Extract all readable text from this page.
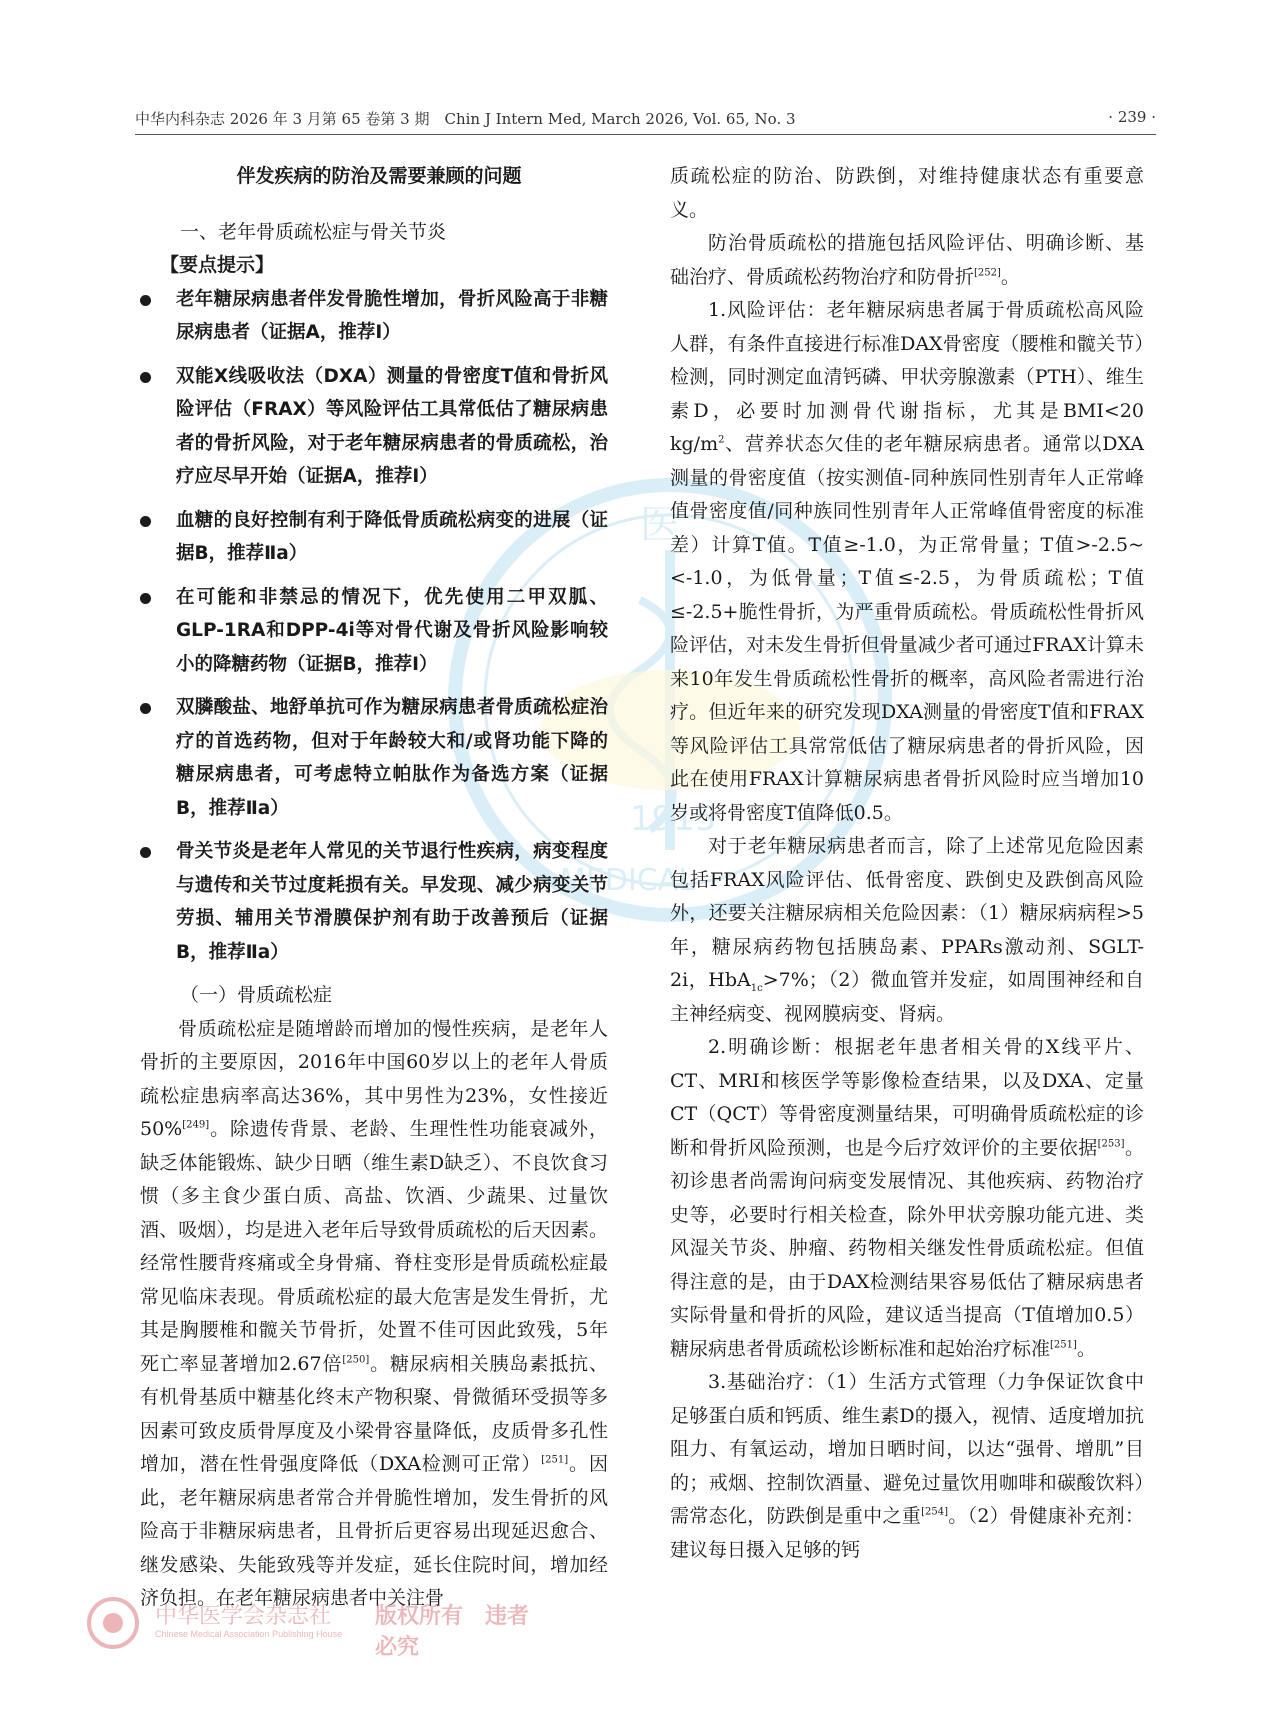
中华内科杂志 2026 年 3 月第 65 卷第 3 期　Chin J Intern Med, March 2026, Vol. 65, No. 3	· 239 ·
医
1915
MEDICAL
伴发疾病的防治及需要兼顾的问题
一、老年骨质疏松症与骨关节炎
【要点提示】
老年糖尿病患者伴发骨脆性增加，骨折风险高于非糖尿病患者（证据A，推荐Ⅰ）
双能X线吸收法（DXA）测量的骨密度T值和骨折风险评估（FRAX）等风险评估工具常低估了糖尿病患者的骨折风险，对于老年糖尿病患者的骨质疏松，治疗应尽早开始（证据A，推荐Ⅰ）
血糖的良好控制有利于降低骨质疏松病变的进展（证据B，推荐Ⅱa）
在可能和非禁忌的情况下，优先使用二甲双胍、GLP-1RA和DPP-4i等对骨代谢及骨折风险影响较小的降糖药物（证据B，推荐Ⅰ）
双膦酸盐、地舒单抗可作为糖尿病患者骨质疏松症治疗的首选药物，但对于年龄较大和/或肾功能下降的糖尿病患者，可考虑特立帕肽作为备选方案（证据B，推荐Ⅱa）
骨关节炎是老年人常见的关节退行性疾病，病变程度与遗传和关节过度耗损有关。早发现、减少病变关节劳损、辅用关节滑膜保护剂有助于改善预后（证据B，推荐Ⅱa）
（一）骨质疏松症

骨质疏松症是随增龄而增加的慢性疾病，是老年人骨折的主要原因，2016年中国60岁以上的老年人骨质疏松症患病率高达36%，其中男性为23%，女性接近50%[249]。除遗传背景、老龄、生理性性功能衰减外，缺乏体能锻炼、缺少日晒（维生素D缺乏）、不良饮食习惯（多主食少蛋白质、高盐、饮酒、少蔬果、过量饮酒、吸烟），均是进入老年后导致骨质疏松的后天因素。经常性腰背疼痛或全身骨痛、脊柱变形是骨质疏松症最常见临床表现。骨质疏松症的最大危害是发生骨折，尤其是胸腰椎和髋关节骨折，处置不佳可因此致残，5年死亡率显著增加2.67倍[250]。糖尿病相关胰岛素抵抗、有机骨基质中糖基化终末产物积聚、骨微循环受损等多因素可致皮质骨厚度及小梁骨容量降低，皮质骨多孔性增加，潜在性骨强度降低（DXA检测可正常）[251]。因此，老年糖尿病患者常合并骨脆性增加，发生骨折的风险高于非糖尿病患者，且骨折后更容易出现延迟愈合、继发感染、失能致残等并发症，延长住院时间，增加经济负担。在老年糖尿病患者中关注骨

质疏松症的防治、防跌倒，对维持健康状态有重要意义。

防治骨质疏松的措施包括风险评估、明确诊断、基础治疗、骨质疏松药物治疗和防骨折[252]。

1.风险评估：老年糖尿病患者属于骨质疏松高风险人群，有条件直接进行标准DAX骨密度（腰椎和髋关节）检测，同时测定血清钙磷、甲状旁腺激素（PTH）、维生素D，必要时加测骨代谢指标，尤其是BMI<20 $kg/m^2$、营养状态欠佳的老年糖尿病患者。通常以DXA测量的骨密度值（按实测值-同种族同性别青年人正常峰值骨密度值/同种族同性别青年人正常峰值骨密度的标准差）计算T值。T值≥-1.0，为正常骨量；T值>-2.5~<-1.0，为低骨量；T值≤-2.5，为骨质疏松；T值≤-2.5+脆性骨折，为严重骨质疏松。骨质疏松性骨折风险评估，对未发生骨折但骨量减少者可通过FRAX计算未来10年发生骨质疏松性骨折的概率，高风险者需进行治疗。但近年来的研究发现DXA测量的骨密度T值和FRAX等风险评估工具常常低估了糖尿病患者的骨折风险，因此在使用FRAX计算糖尿病患者骨折风险时应当增加10岁或将骨密度T值降低0.5。

对于老年糖尿病患者而言，除了上述常见危险因素包括FRAX风险评估、低骨密度、跌倒史及跌倒高风险外，还要关注糖尿病相关危险因素：（1）糖尿病病程>5年，糖尿病药物包括胰岛素、PPARs激动剂、SGLT-2i，HbA$_{1c}$>7%；（2）微血管并发症，如周围神经和自主神经病变、视网膜病变、肾病。

2.明确诊断：根据老年患者相关骨的X线平片、CT、MRI和核医学等影像检查结果，以及DXA、定量CT（QCT）等骨密度测量结果，可明确骨质疏松症的诊断和骨折风险预测，也是今后疗效评价的主要依据[253]。初诊患者尚需询问病变发展情况、其他疾病、药物治疗史等，必要时行相关检查，除外甲状旁腺功能亢进、类风湿关节炎、肿瘤、药物相关继发性骨质疏松症。但值得注意的是，由于DAX检测结果容易低估了糖尿病患者实际骨量和骨折的风险，建议适当提高（T值增加0.5）糖尿病患者骨质疏松诊断标准和起始治疗标准[251]。

3.基础治疗：（1）生活方式管理（力争保证饮食中足够蛋白质和钙质、维生素D的摄入，视情、适度增加抗阻力、有氧运动，增加日晒时间，以达“强骨、增肌”目的；戒烟、控制饮酒量、避免过量饮用咖啡和碳酸饮料）需常态化，防跌倒是重中之重[254]。（2）骨健康补充剂：建议每日摄入足够的钙

中华医学会杂志社
Chinese Medical Association Publishing House
版权所有　违者必究
